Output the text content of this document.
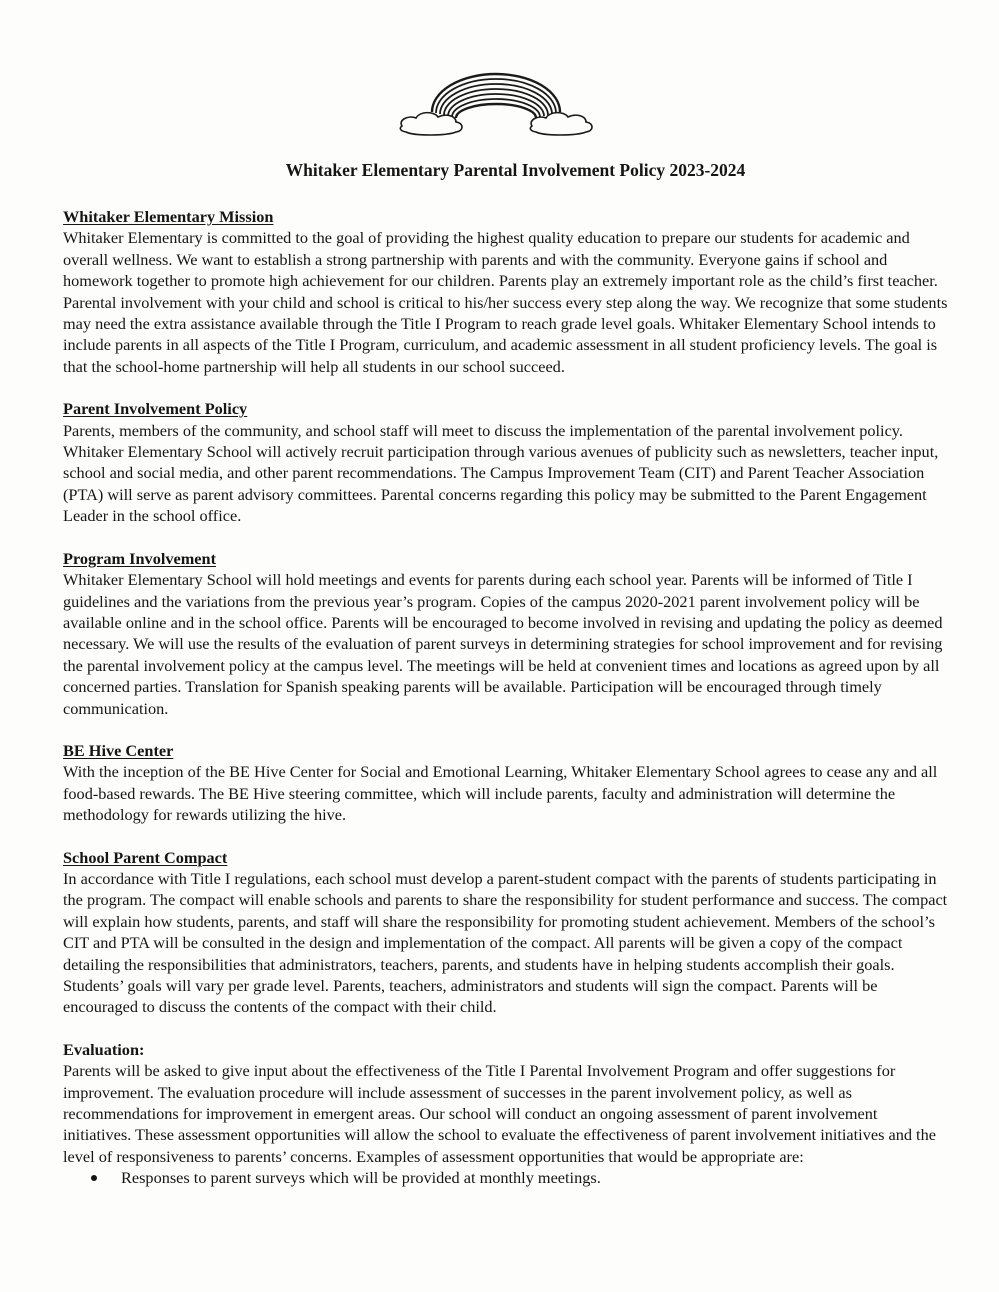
Whitaker Elementary Parental Involvement Policy 2023-2024
Whitaker Elementary Mission

Whitaker Elementary is committed to the goal of providing the highest quality education to prepare our students for academic and overall wellness. We want to establish a strong partnership with parents and with the community. Everyone gains if school and homework together to promote high achievement for our children. Parents play an extremely important role as the child’s first teacher. Parental involvement with your child and school is critical to his/her success every step along the way. We recognize that some students may need the extra assistance available through the Title I Program to reach grade level goals. Whitaker Elementary School intends to include parents in all aspects of the Title I Program, curriculum, and academic assessment in all student proficiency levels. The goal is that the school-home partnership will help all students in our school succeed.

Parent Involvement Policy

Parents, members of the community, and school staff will meet to discuss the implementation of the parental involvement policy. Whitaker Elementary School will actively recruit participation through various avenues of publicity such as newsletters, teacher input, school and social media, and other parent recommendations. The Campus Improvement Team (CIT) and Parent Teacher Association (PTA) will serve as parent advisory committees. Parental concerns regarding this policy may be submitted to the Parent Engagement Leader in the school office.

Program Involvement

Whitaker Elementary School will hold meetings and events for parents during each school year. Parents will be informed of Title I guidelines and the variations from the previous year’s program. Copies of the campus 2020-2021 parent involvement policy will be available online and in the school office. Parents will be encouraged to become involved in revising and updating the policy as deemed necessary. We will use the results of the evaluation of parent surveys in determining strategies for school improvement and for revising the parental involvement policy at the campus level. The meetings will be held at convenient times and locations as agreed upon by all concerned parties. Translation for Spanish speaking parents will be available. Participation will be encouraged through timely communication.

BE Hive Center

With the inception of the BE Hive Center for Social and Emotional Learning, Whitaker Elementary School agrees to cease any and all food-based rewards. The BE Hive steering committee, which will include parents, faculty and administration will determine the methodology for rewards utilizing the hive.

School Parent Compact

In accordance with Title I regulations, each school must develop a parent-student compact with the parents of students participating in the program. The compact will enable schools and parents to share the responsibility for student performance and success. The compact will explain how students, parents, and staff will share the responsibility for promoting student achievement. Members of the school’s CIT and PTA will be consulted in the design and implementation of the compact. All parents will be given a copy of the compact detailing the responsibilities that administrators, teachers, parents, and students have in helping students accomplish their goals. Students’ goals will vary per grade level. Parents, teachers, administrators and students will sign the compact. Parents will be encouraged to discuss the contents of the compact with their child.

Evaluation:

Parents will be asked to give input about the effectiveness of the Title I Parental Involvement Program and offer suggestions for improvement. The evaluation procedure will include assessment of successes in the parent involvement policy, as well as recommendations for improvement in emergent areas. Our school will conduct an ongoing assessment of parent involvement initiatives. These assessment opportunities will allow the school to evaluate the effectiveness of parent involvement initiatives and the level of responsiveness to parents’ concerns. Examples of assessment opportunities that would be appropriate are:

Responses to parent surveys which will be provided at monthly meetings.
